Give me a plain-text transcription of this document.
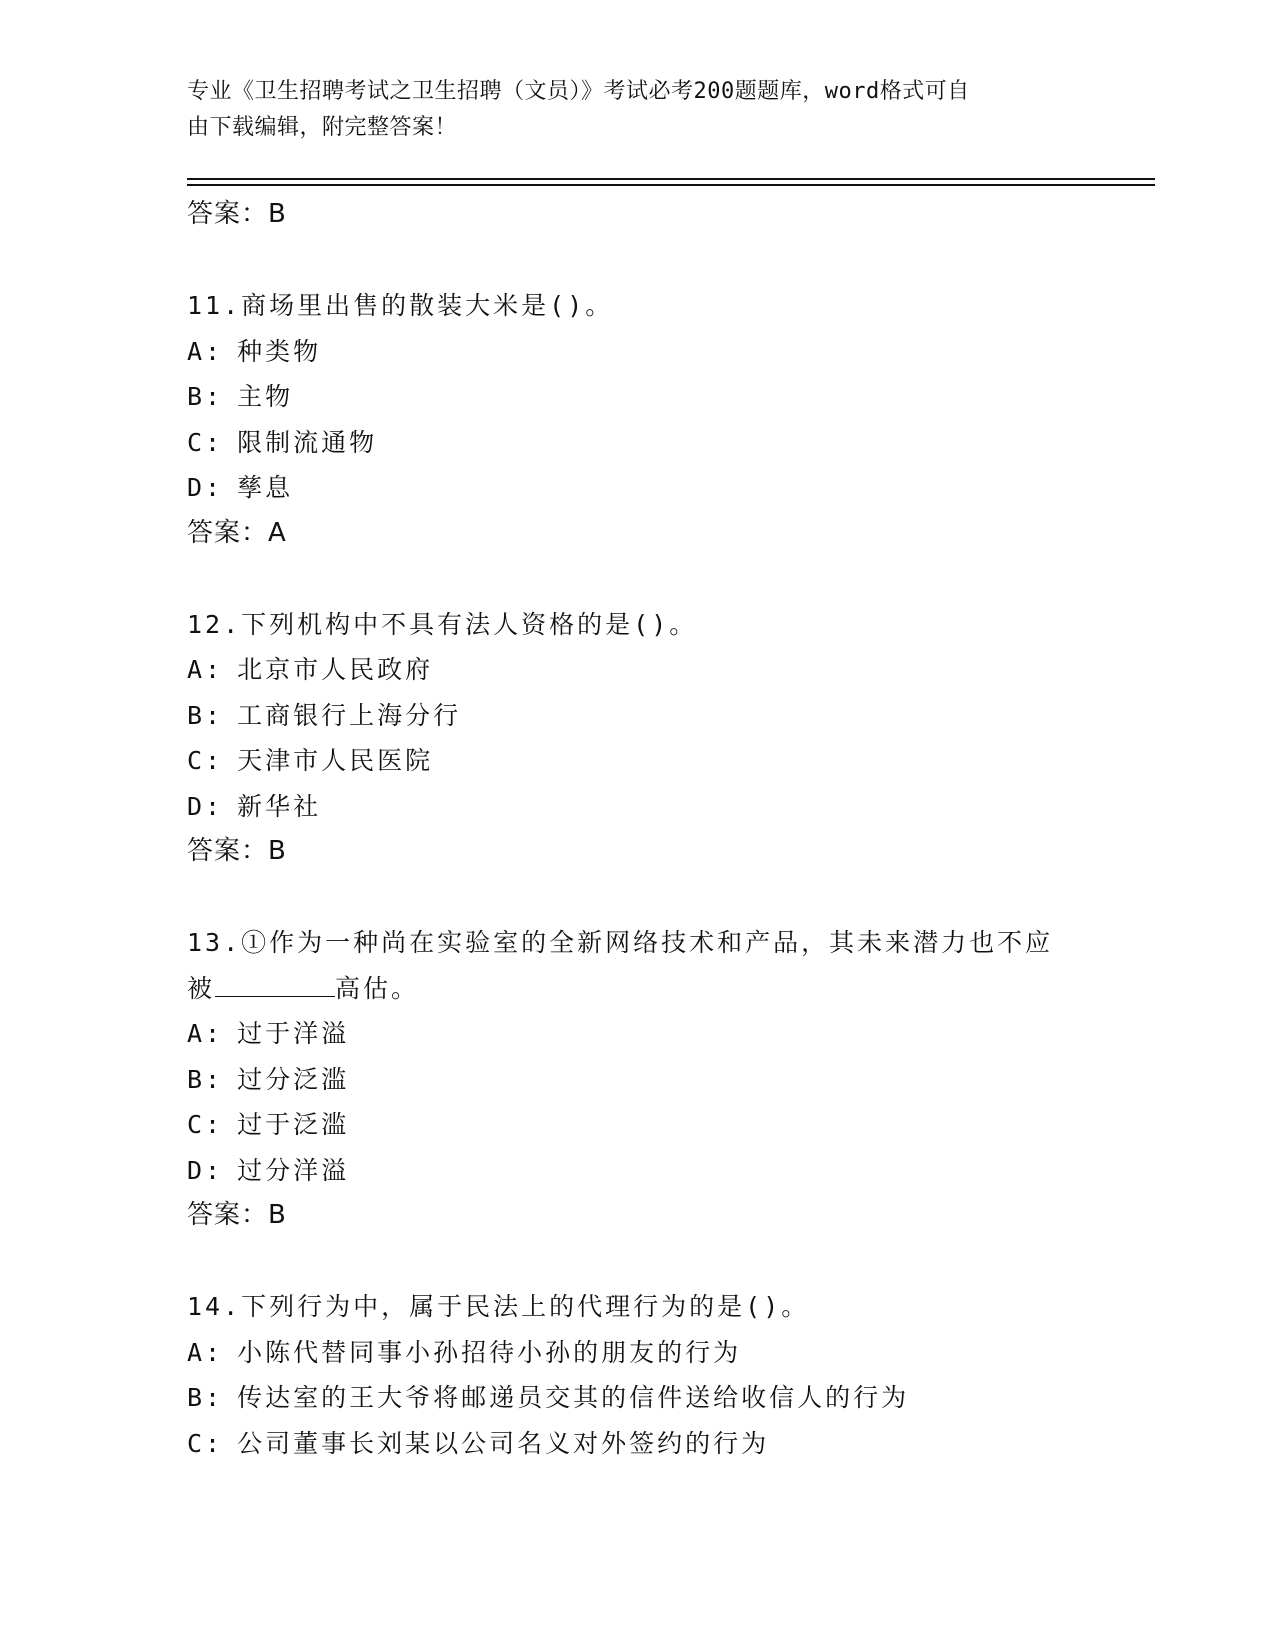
专业《卫生招聘考试之卫生招聘（文员）》考试必考200题题库，word格式可自
由下载编辑，附完整答案！
答案：B
11.商场里出售的散装大米是()。
A: 种类物
B: 主物
C: 限制流通物
D: 孳息
答案：A
12.下列机构中不具有法人资格的是()。
A: 北京市人民政府
B: 工商银行上海分行
C: 天津市人民医院
D: 新华社
答案：B
13.①作为一种尚在实验室的全新网络技术和产品，其未来潜力也不应
被	高估。
A: 过于洋溢
B: 过分泛滥
C: 过于泛滥
D: 过分洋溢
答案：B
14.下列行为中，属于民法上的代理行为的是()。
A: 小陈代替同事小孙招待小孙的朋友的行为
B: 传达室的王大爷将邮递员交其的信件送给收信人的行为
C: 公司董事长刘某以公司名义对外签约的行为
